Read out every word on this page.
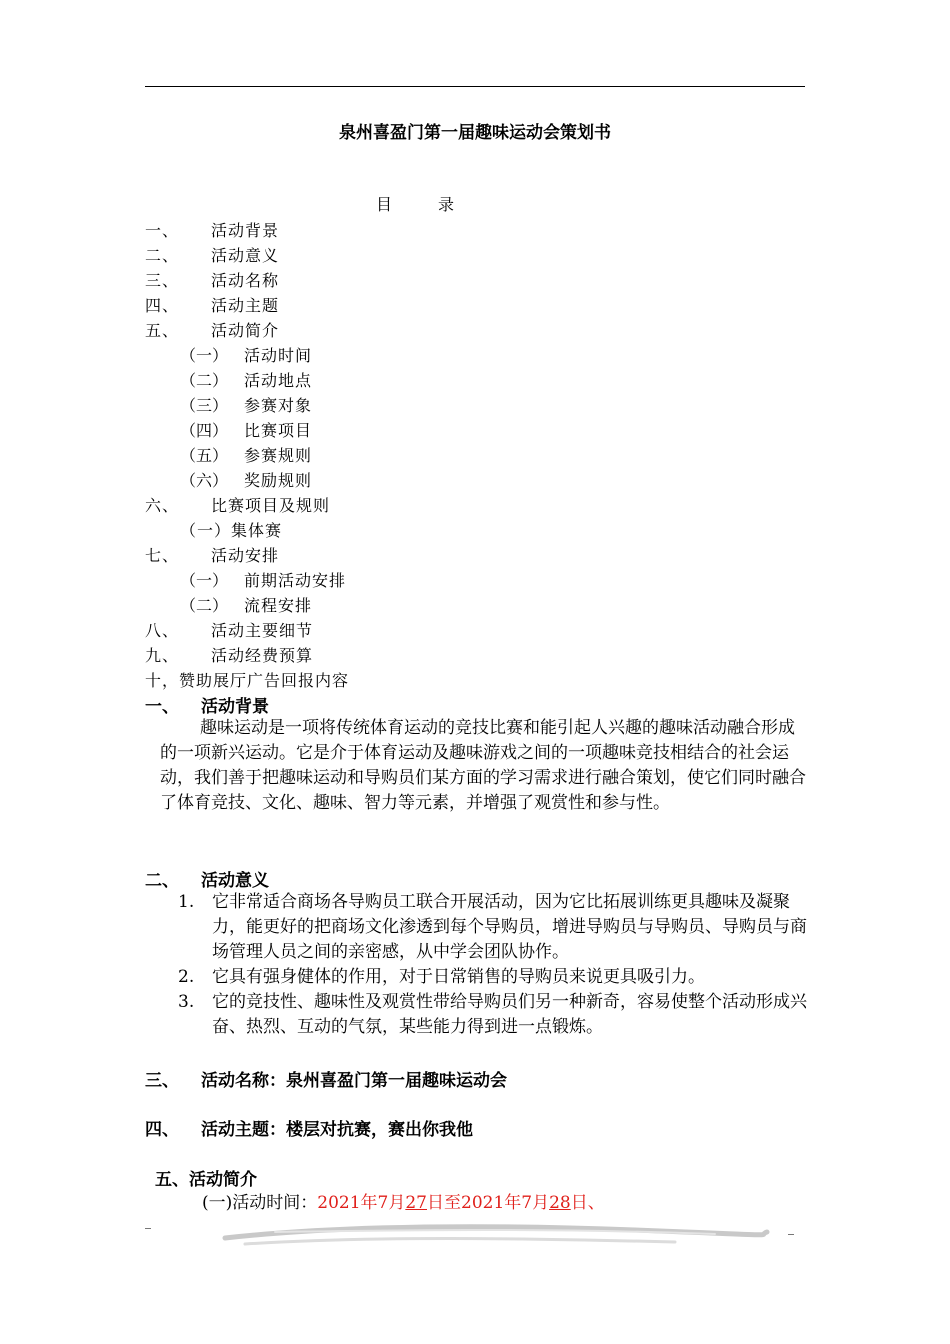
泉州喜盈门第一届趣味运动会策划书
目	录
一、 活动背景
二、 活动意义
三、 活动名称
四、 活动主题
五、 活动简介
（一） 活动时间
（二） 活动地点
（三） 参赛对象
（四） 比赛项目
（五） 参赛规则
（六） 奖励规则
六、 比赛项目及规则
（一）集体赛
七、 活动安排
（一） 前期活动安排
（二） 流程安排
八、 活动主要细节
九、 活动经费预算
十，赞助展厅广告回报内容
一、 活动背景
趣味运动是一项将传统体育运动的竞技比赛和能引起人兴趣的趣味活动融合形成的一项新兴运动。它是介于体育运动及趣味游戏之间的一项趣味竞技相结合的社会运动，我们善于把趣味运动和导购员们某方面的学习需求进行融合策划，使它们同时融合了体育竞技、文化、趣味、智力等元素，并增强了观赏性和参与性。
二、 活动意义
1. 它非常适合商场各导购员工联合开展活动，因为它比拓展训练更具趣味及凝聚力，能更好的把商场文化渗透到每个导购员，增进导购员与导购员、导购员与商场管理人员之间的亲密感，从中学会团队协作。
2. 它具有强身健体的作用，对于日常销售的导购员来说更具吸引力。
3. 它的竞技性、趣味性及观赏性带给导购员们另一种新奇，容易使整个活动形成兴奋、热烈、互动的气氛，某些能力得到进一点锻炼。
三、 活动名称：泉州喜盈门第一届趣味运动会
四、 活动主题：楼层对抗赛，赛出你我他
五、活动简介
(一)活动时间：2021年7月27日至2021年7月28日、
